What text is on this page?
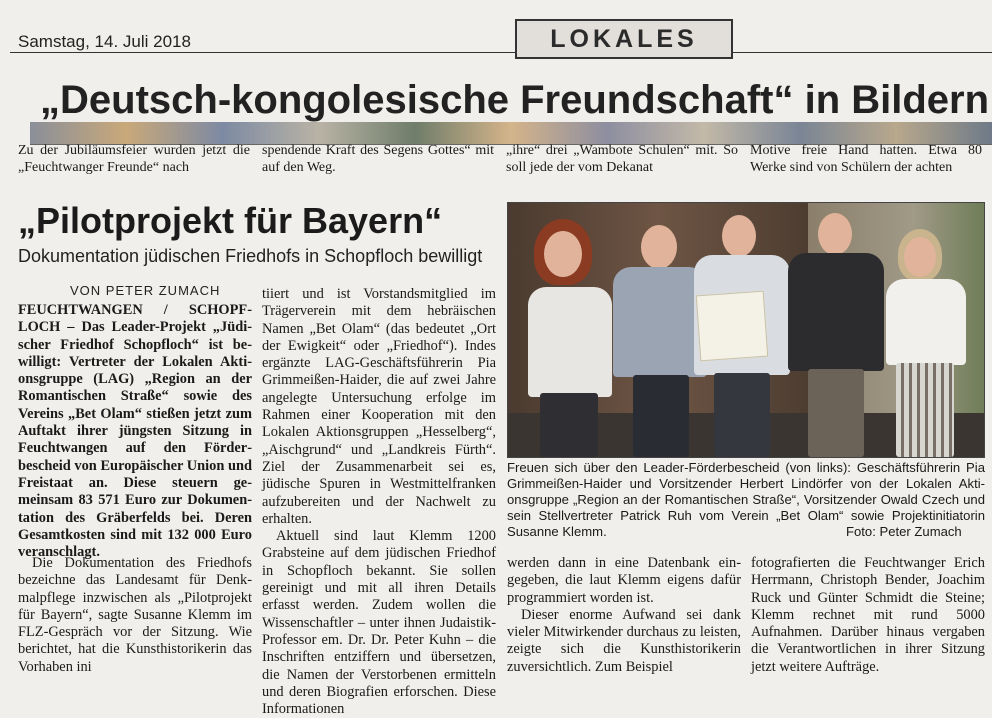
Samstag, 14. Juli 2018	LOKALES
„Deutsch-kongolesische Freundschaft“ in Bildern
Zu der Jubiläumsfeier wurden jetzt die „Feuchtwanger Freunde“ nach
spendende Kraft des Segens Gottes“ mit auf den Weg.
„ihre“ drei „Wambote Schulen“ mit. So soll jede der vom Dekanat
Motive freie Hand hatten. Etwa 80 Werke sind von Schülern der achten
„Pilotprojekt für Bayern“
Dokumentation jüdischen Friedhofs in Schopfloch bewilligt
VON PETER ZUMACH
FEUCHTWANGEN / SCHOPFLOCH – Das Leader-Projekt „Jüdischer Friedhof Schopfloch“ ist bewilligt: Vertreter der Lokalen Aktionsgruppe (LAG) „Region an der Romantischen Straße“ sowie des Vereins „Bet Olam“ stießen jetzt zum Auftakt ihrer jüngsten Sitzung in Feuchtwangen auf den Förderbescheid von Europäischer Union und Freistaat an. Diese steuern gemeinsam 83 571 Euro zur Dokumentation des Gräberfelds bei. Deren Gesamtkosten sind mit 132 000 Euro veranschlagt.

Die Dokumentation des Friedhofs bezeichne das Landesamt für Denkmalpflege inzwischen als „Pilotprojekt für Bayern“, sagte Susanne Klemm im FLZ-Gespräch vor der Sitzung. Wie berichtet, hat die Kunsthistorikerin das Vorhaben ini

tiiert und ist Vorstandsmitglied im Trägerverein mit dem hebräischen Namen „Bet Olam“ (das bedeutet „Ort der Ewigkeit“ oder „Friedhof“). Indes ergänzte LAG-Geschäftsführerin Pia Grimmeißen-Haider, die auf zwei Jahre angelegte Untersuchung erfolge im Rahmen einer Kooperation mit den Lokalen Aktionsgruppen „Hesselberg“, „Aischgrund“ und „Landkreis Fürth“. Ziel der Zusammenarbeit sei es, jüdische Spuren in Westmittelfranken aufzubereiten und der Nachwelt zu erhalten.

Aktuell sind laut Klemm 1200 Grabsteine auf dem jüdischen Friedhof in Schopfloch bekannt. Sie sollen gereinigt und mit all ihren Details erfasst werden. Zudem wollen die Wissenschaftler – unter ihnen Judaistik-Professor em. Dr. Dr. Peter Kuhn – die Inschriften entziffern und übersetzen, die Namen der Verstorbenen ermitteln und deren Biografien erforschen. Diese Informationen

Freuen sich über den Leader-Förderbescheid (von links): Geschäftsführerin Pia Grimmeißen-Haider und Vorsitzender Herbert Lindörfer von der Lokalen Aktionsgruppe „Region an der Romantischen Straße“, Vorsitzender Owald Czech und sein Stellvertreter Patrick Ruh vom Verein „Bet Olam“ sowie Projektinitiatorin Susanne Klemm.	Foto: Peter Zumach

werden dann in eine Datenbank eingegeben, die laut Klemm eigens dafür programmiert worden ist.

Dieser enorme Aufwand sei dank vieler Mitwirkender durchaus zu leisten, zeigte sich die Kunsthistorikerin zuversichtlich. Zum Beispiel

fotografierten die Feuchtwanger Erich Herrmann, Christoph Bender, Joachim Ruck und Günter Schmidt die Steine; Klemm rechnet mit rund 5000 Aufnahmen. Darüber hinaus vergaben die Verantwortlichen in ihrer Sitzung jetzt weitere Aufträge.
